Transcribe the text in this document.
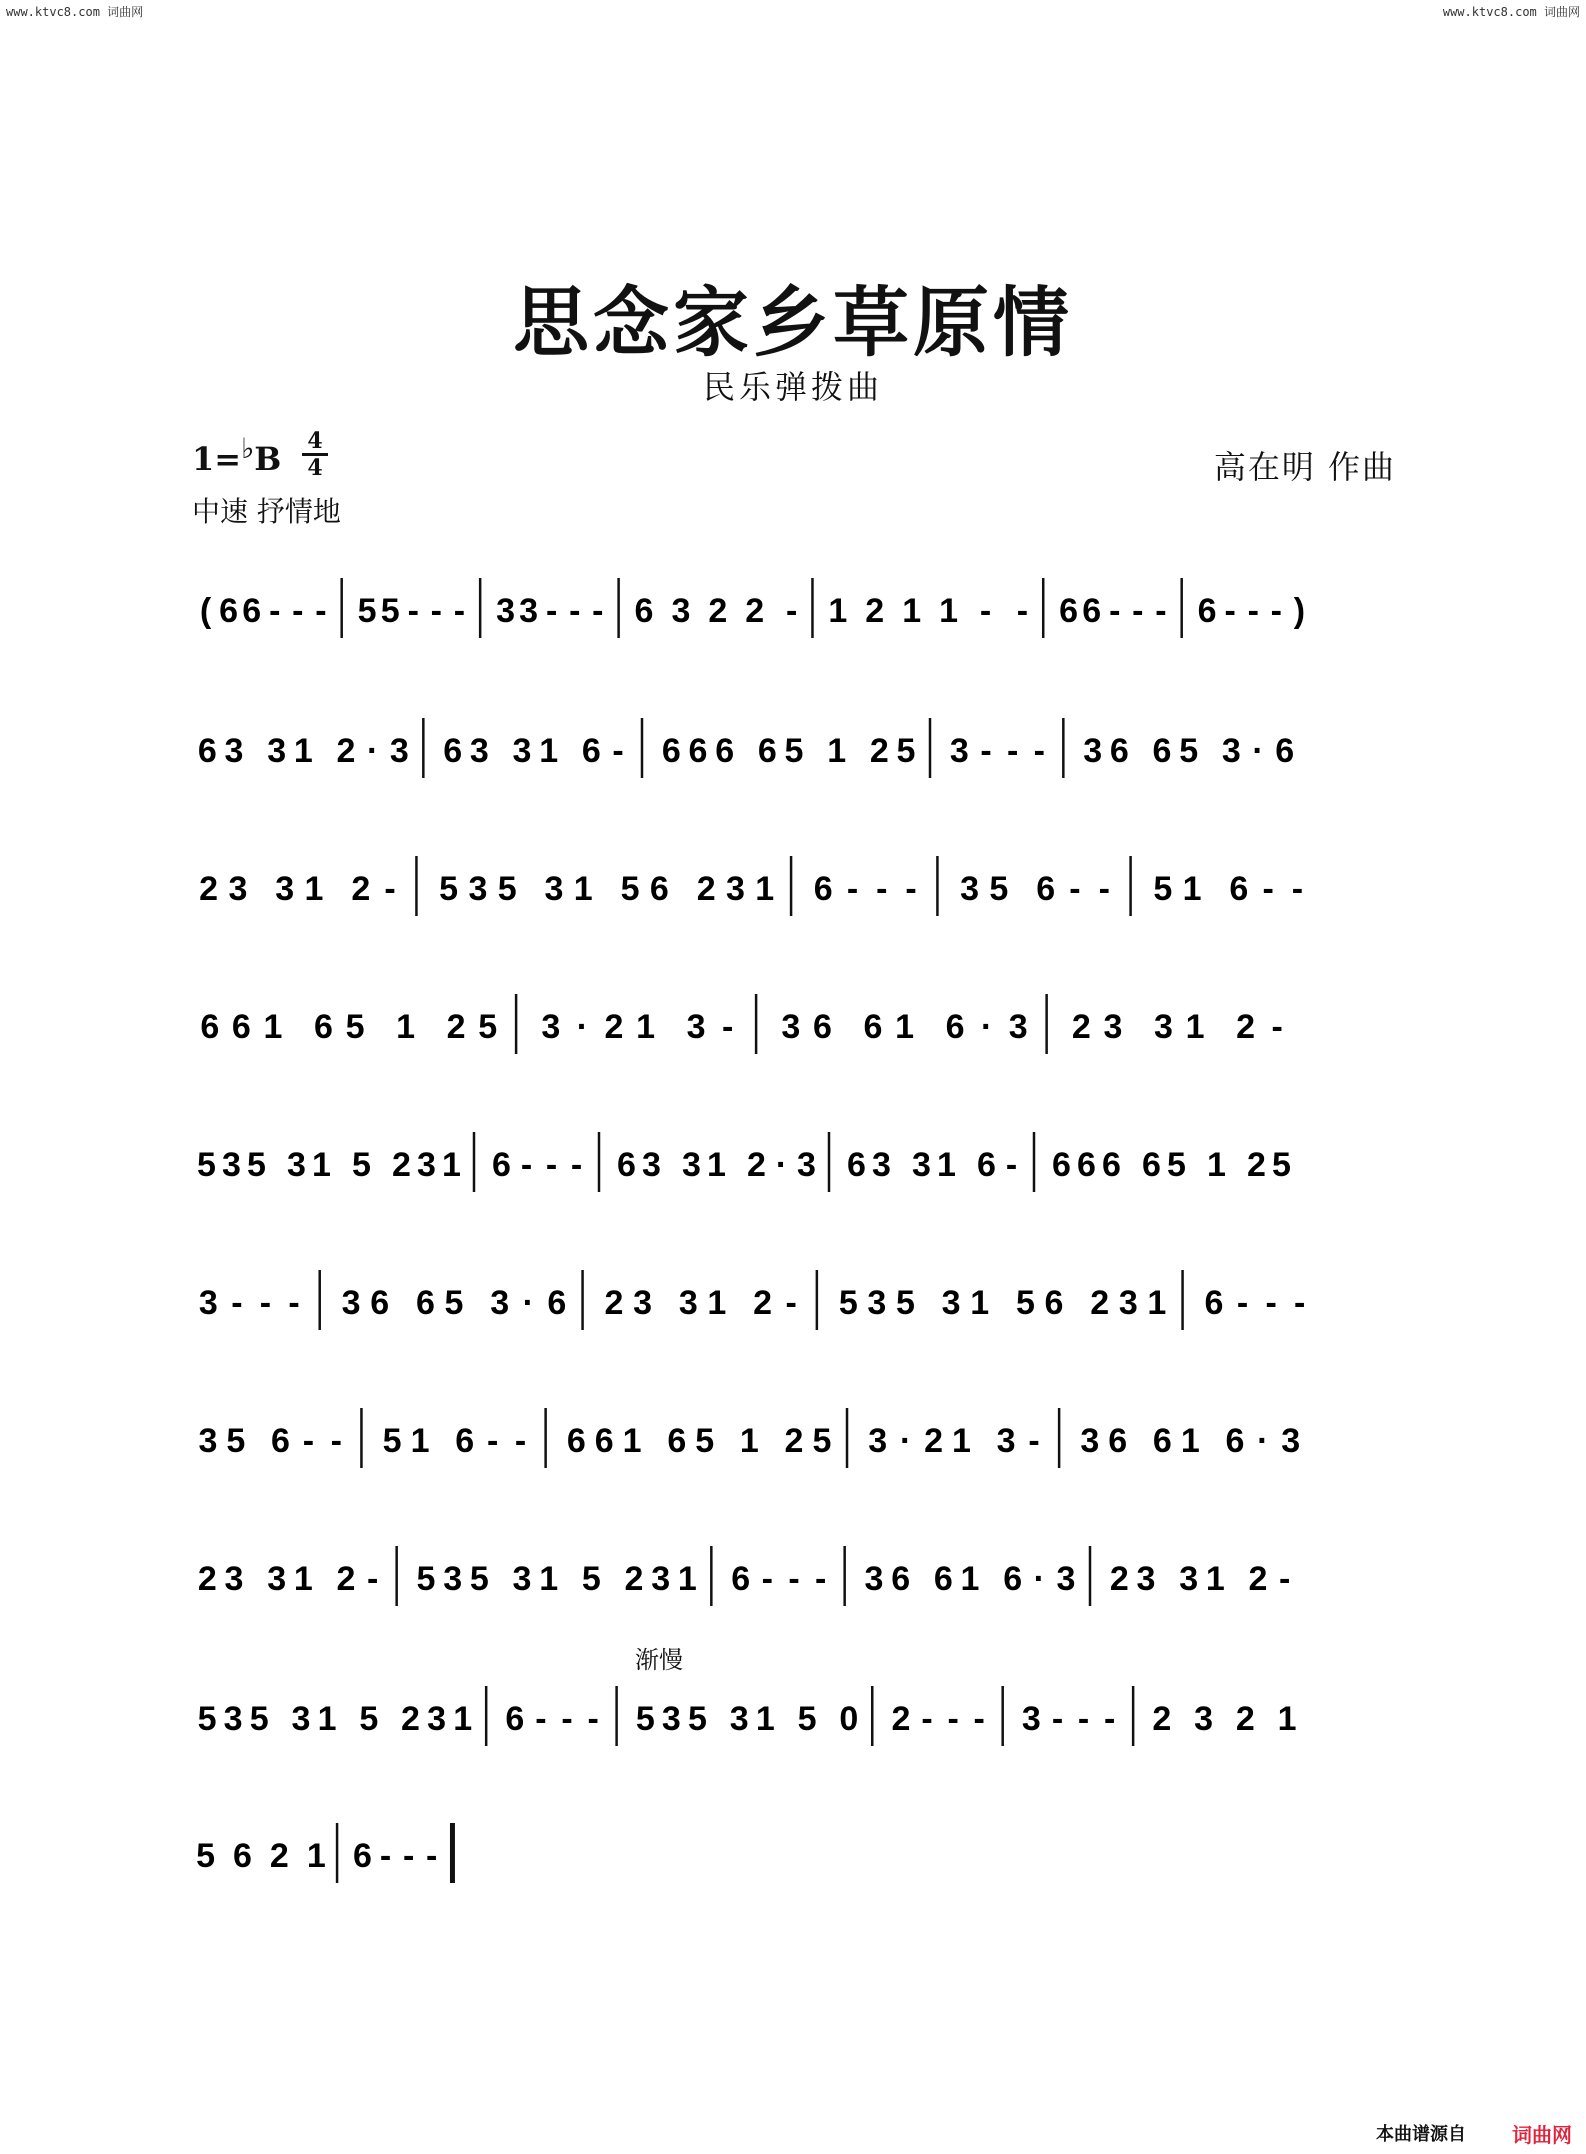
www.ktvc8.com 词曲网	www.ktvc8.com 词曲网
思念家乡草原情
民乐弹拨曲
1=♭B	4
4
中速 抒情地
高在明 作曲
渐慢
( 6 6 - - - 5 5 - - - 3 3 - - - 6 3 2 2 - 1 2 1 1 - - 6 6 - - - 6 - - - )
6 3 3 1 2 · 3 6 3 3 1 6 - 6 6 6 6 5 1 2 5 3 - - - 3 6 6 5 3 · 6
2 3 3 1 2 - 5 3 5 3 1 5 6 2 3 1 6 - - - 3 5 6 - - 5 1 6 - -
6 6 1 6 5 1 2 5 3 · 2 1 3 - 3 6 6 1 6 · 3 2 3 3 1 2 -
5 3 5 3 1 5 2 3 1 6 - - - 6 3 3 1 2 · 3 6 3 3 1 6 - 6 6 6 6 5 1 2 5
3 - - - 3 6 6 5 3 · 6 2 3 3 1 2 - 5 3 5 3 1 5 6 2 3 1 6 - - -
3 5 6 - - 5 1 6 - - 6 6 1 6 5 1 2 5 3 · 2 1 3 - 3 6 6 1 6 · 3
2 3 3 1 2 - 5 3 5 3 1 5 2 3 1 6 - - - 3 6 6 1 6 · 3 2 3 3 1 2 -
5 3 5 3 1 5 2 3 1 6 - - - 5 3 5 3 1 5 0 2 - - - 3 - - - 2 3 2 1
5 6 2 1 6 - - -
本曲谱源自 词曲网
